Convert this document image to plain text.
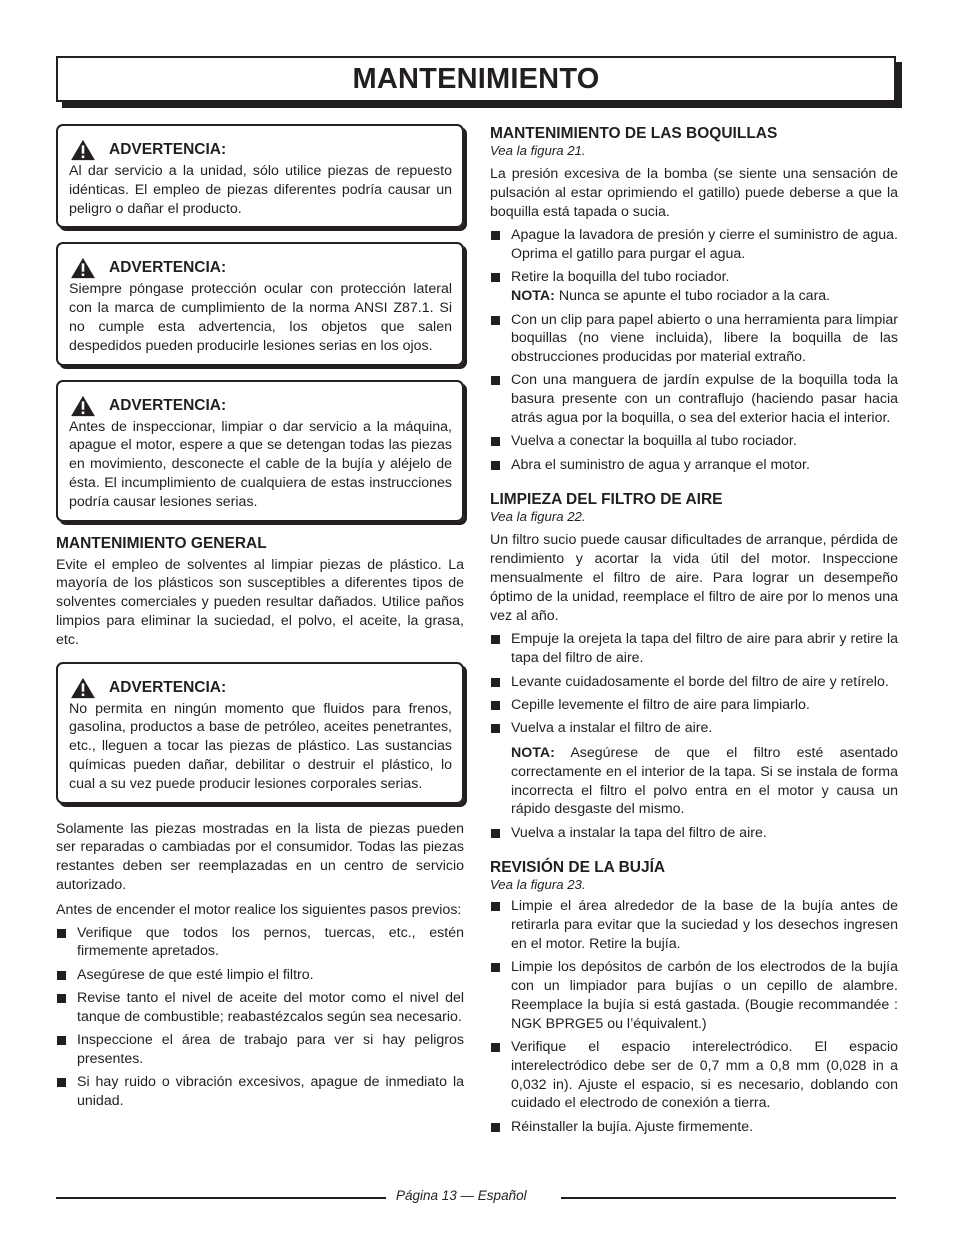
MANTENIMIENTO
ADVERTENCIA:
Al dar servicio a la unidad, sólo utilice piezas de repuesto idénticas. El empleo de piezas diferentes podría causar un peligro o dañar el producto.
ADVERTENCIA:
Siempre póngase protección ocular con protección lateral con la marca de cumplimiento de la norma ANSI Z87.1. Si no cumple esta advertencia, los objetos que salen despedidos pueden producirle lesiones serias en los ojos.
ADVERTENCIA:
Antes de inspeccionar, limpiar o dar servicio a la máquina, apague el motor, espere a que se detengan todas las piezas en movimiento, desconecte el cable de la bujía y aléjelo de ésta. El incumplimiento de cualquiera de estas instrucciones podría causar lesiones serias.
MANTENIMIENTO GENERAL

Evite el empleo de solventes al limpiar piezas de plástico. La mayoría de los plásticos son susceptibles a diferentes tipos de solventes comerciales y pueden resultar dañados. Utilice paños limpios para eliminar la suciedad, el polvo, el aceite, la grasa, etc.

ADVERTENCIA:
No permita en ningún momento que fluidos para frenos, gasolina, productos a base de petróleo, aceites penetrantes, etc., lleguen a tocar las piezas de plástico. Las sustancias químicas pueden dañar, debilitar o destruir el plástico, lo cual a su vez puede producir lesiones corporales serias.

Solamente las piezas mostradas en la lista de piezas pueden ser reparadas o cambiadas por el consumidor. Todas las piezas restantes deben ser reemplazadas en un centro de servicio autorizado.

Antes de encender el motor realice los siguientes pasos previos:

Verifique que todos los pernos, tuercas, etc., estén firmemente apretados.
Asegúrese de que esté limpio el filtro.
Revise tanto el nivel de aceite del motor como el nivel del tanque de combustible; reabastézcalos según sea necesario.
Inspeccione el área de trabajo para ver si hay peligros presentes.
Si hay ruido o vibración excesivos, apague de inmediato la unidad.
MANTENIMIENTO DE LAS BOQUILLAS
Vea la figura 21.

La presión excesiva de la bomba (se siente una sensación de pulsación al estar oprimiendo el gatillo) puede deberse a que la boquilla está tapada o sucia.

Apague la lavadora de presión y cierre el suministro de agua. Oprima el gatillo para purgar el agua.
Retire la boquilla del tubo rociador.
NOTA: Nunca se apunte el tubo rociador a la cara.
Con un clip para papel abierto o una herramienta para limpiar boquillas (no viene incluida), libere la boquilla de las obstrucciones producidas por material extraño.
Con una manguera de jardín expulse de la boquilla toda la basura presente con un contraflujo (haciendo pasar hacia atrás agua por la boquilla, o sea del exterior hacia el interior.
Vuelva a conectar la boquilla al tubo rociador.
Abra el suministro de agua y arranque el motor.
LIMPIEZA DEL FILTRO DE AIRE
Vea la figura 22.

Un filtro sucio puede causar dificultades de arranque, pérdida de rendimiento y acortar la vida útil del motor. Inspeccione mensualmente el filtro de aire. Para lograr un desempeño óptimo de la unidad, reemplace el filtro de aire por lo menos una vez al año.

Empuje la orejeta la tapa del filtro de aire para abrir y retire la tapa del filtro de aire.
Levante cuidadosamente el borde del filtro de aire y retírelo.
Cepille levemente el filtro de aire para limpiarlo.
Vuelva a instalar el filtro de aire.
NOTA: Asegúrese de que el filtro esté asentado correctamente en el interior de la tapa. Si se instala de forma incorrecta el filtro el polvo entra en el motor y causa un rápido desgaste del mismo.
Vuelva a instalar la tapa del filtro de aire.
REVISIÓN DE LA BUJÍA
Vea la figura 23.
Limpie el área alrededor de la base de la bujía antes de retirarla para evitar que la suciedad y los desechos ingresen en el motor. Retire la bujía.
Limpie los depósitos de carbón de los electrodos de la bujía con un limpiador para bujías o un cepillo de alambre. Reemplace la bujía si está gastada. (Bougie recommandée : NGK BPRGE5 ou l’équivalent.)
Verifique el espacio interelectródico. El espacio interelectródico debe ser de 0,7 mm a 0,8 mm (0,028 in a 0,032 in). Ajuste el espacio, si es necesario, doblando con cuidado el electrodo de conexión a tierra.
Réinstaller la bujía. Ajuste firmemente.
Página 13 — Español
